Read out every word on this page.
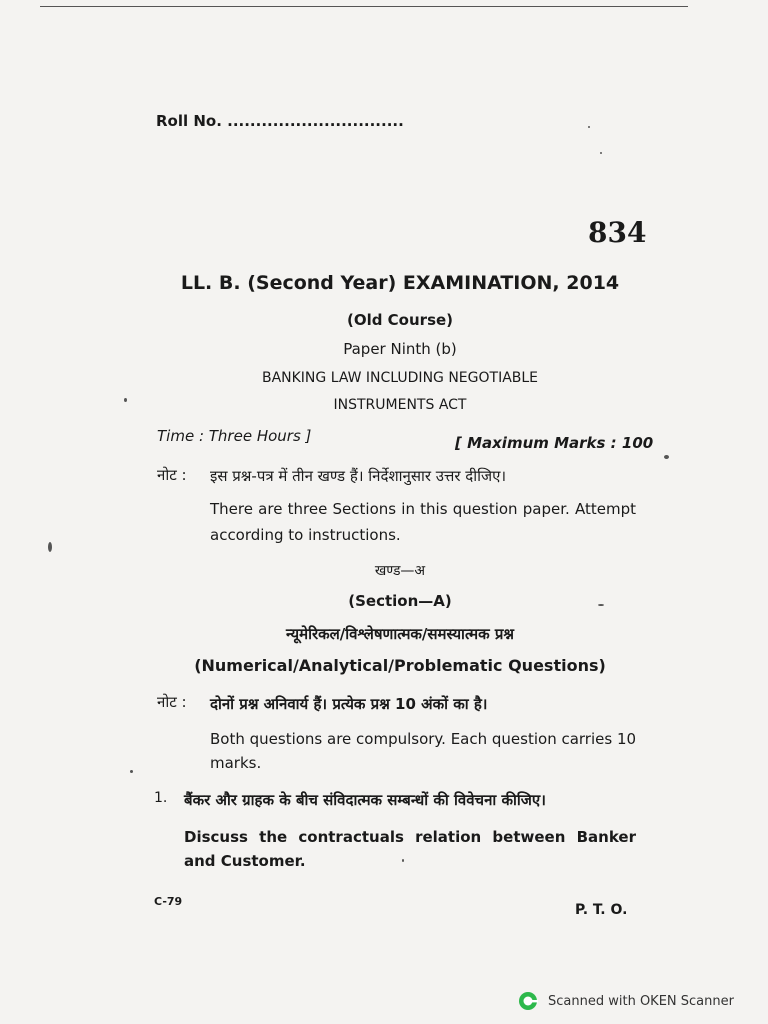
Roll No. ...............................
834
LL. B. (Second Year) EXAMINATION, 2014
(Old Course)
Paper Ninth (b)
BANKING LAW INCLUDING NEGOTIABLE
INSTRUMENTS ACT
Time : Three Hours ]	[ Maximum Marks : 100
नोट : इस प्रश्न-पत्र में तीन खण्ड हैं। निर्देशानुसार उत्तर दीजिए।
There are three Sections in this question paper. Attempt according to instructions.
खण्ड—अ
(Section—A)
न्यूमेरिकल/विश्लेषणात्मक/समस्यात्मक प्रश्न
(Numerical/Analytical/Problematic Questions)
नोट : दोनों प्रश्न अनिवार्य हैं। प्रत्येक प्रश्न 10 अंकों का है।
Both questions are compulsory. Each question carries 10 marks.
1. बैंकर और ग्राहक के बीच संविदात्मक सम्बन्धों की विवेचना कीजिए।
Discuss the contractuals relation between Banker and Customer.
C-79
P. T. O.
Scanned with OKEN Scanner
